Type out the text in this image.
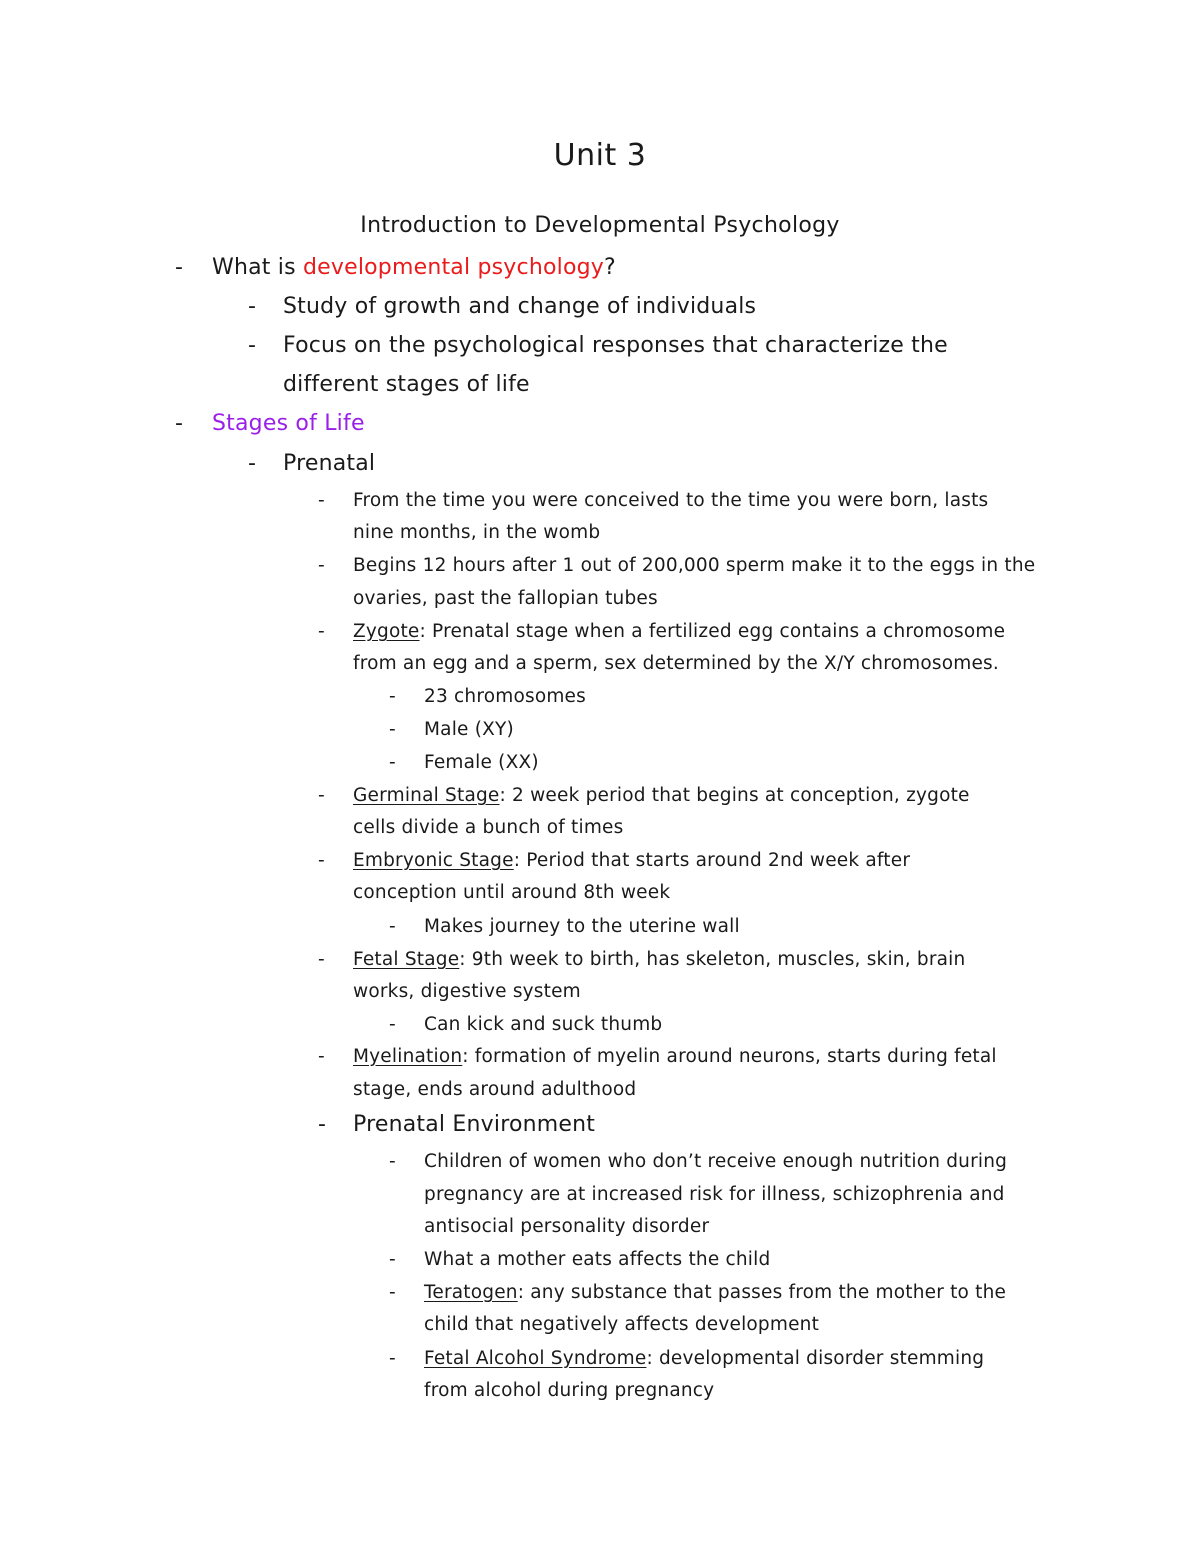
Unit 3
Introduction to Developmental Psychology
- What is developmental psychology?
- Study of growth and change of individuals
- Focus on the psychological responses that characterize the
different stages of life
- Stages of Life
- Prenatal
- From the time you were conceived to the time you were born, lasts
nine months, in the womb
- Begins 12 hours after 1 out of 200,000 sperm make it to the eggs in the
ovaries, past the fallopian tubes
- Zygote: Prenatal stage when a fertilized egg contains a chromosome
from an egg and a sperm, sex determined by the X/Y chromosomes.
- 23 chromosomes
- Male (XY)
- Female (XX)
- Germinal Stage: 2 week period that begins at conception, zygote
cells divide a bunch of times
- Embryonic Stage: Period that starts around 2nd week after
conception until around 8th week
- Makes journey to the uterine wall
- Fetal Stage: 9th week to birth, has skeleton, muscles, skin, brain
works, digestive system
- Can kick and suck thumb
- Myelination: formation of myelin around neurons, starts during fetal
stage, ends around adulthood
- Prenatal Environment
- Children of women who don’t receive enough nutrition during
pregnancy are at increased risk for illness, schizophrenia and
antisocial personality disorder
- What a mother eats affects the child
- Teratogen: any substance that passes from the mother to the
child that negatively affects development
- Fetal Alcohol Syndrome: developmental disorder stemming
from alcohol during pregnancy
